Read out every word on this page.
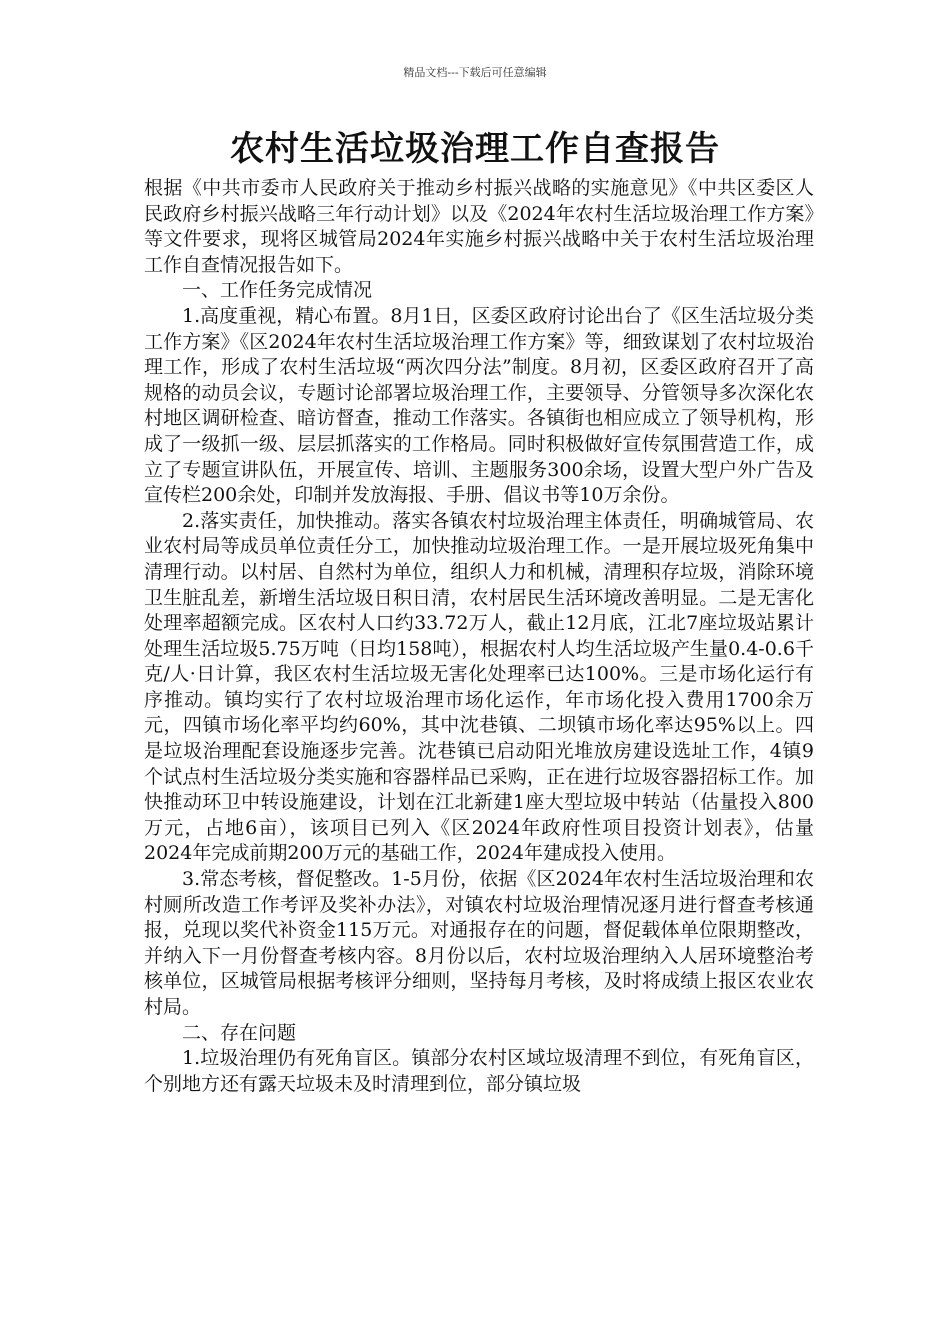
精品文档---下载后可任意编辑
农村生活垃圾治理工作自查报告

根据《中共市委市人民政府关于推动乡村振兴战略的实施意见》《中共区委区人民政府乡村振兴战略三年行动计划》以及《2024年农村生活垃圾治理工作方案》等文件要求，现将区城管局2024年实施乡村振兴战略中关于农村生活垃圾治理工作自查情况报告如下。

一、工作任务完成情况

1.高度重视，精心布置。8月1日，区委区政府讨论出台了《区生活垃圾分类工作方案》《区2024年农村生活垃圾治理工作方案》等，细致谋划了农村垃圾治理工作，形成了农村生活垃圾“两次四分法”制度。8月初，区委区政府召开了高规格的动员会议，专题讨论部署垃圾治理工作，主要领导、分管领导多次深化农村地区调研检查、暗访督查，推动工作落实。各镇街也相应成立了领导机构，形成了一级抓一级、层层抓落实的工作格局。同时积极做好宣传氛围营造工作，成立了专题宣讲队伍，开展宣传、培训、主题服务300余场，设置大型户外广告及宣传栏200余处，印制并发放海报、手册、倡议书等10万余份。

2.落实责任，加快推动。落实各镇农村垃圾治理主体责任，明确城管局、农业农村局等成员单位责任分工，加快推动垃圾治理工作。一是开展垃圾死角集中清理行动。以村居、自然村为单位，组织人力和机械，清理积存垃圾，消除环境卫生脏乱差，新增生活垃圾日积日清，农村居民生活环境改善明显。二是无害化处理率超额完成。区农村人口约33.72万人，截止12月底，江北7座垃圾站累计处理生活垃圾5.75万吨（日均158吨），根据农村人均生活垃圾产生量0.4-0.6千克/人·日计算，我区农村生活垃圾无害化处理率已达100%。三是市场化运行有序推动。镇均实行了农村垃圾治理市场化运作，年市场化投入费用1700余万元，四镇市场化率平均约60%，其中沈巷镇、二坝镇市场化率达95%以上。四是垃圾治理配套设施逐步完善。沈巷镇已启动阳光堆放房建设选址工作，4镇9个试点村生活垃圾分类实施和容器样品已采购，正在进行垃圾容器招标工作。加快推动环卫中转设施建设，计划在江北新建1座大型垃圾中转站（估量投入800万元，占地6亩），该项目已列入《区2024年政府性项目投资计划表》，估量2024年完成前期200万元的基础工作，2024年建成投入使用。

3.常态考核，督促整改。1-5月份，依据《区2024年农村生活垃圾治理和农村厕所改造工作考评及奖补办法》，对镇农村垃圾治理情况逐月进行督查考核通报，兑现以奖代补资金115万元。对通报存在的问题，督促载体单位限期整改，并纳入下一月份督查考核内容。8月份以后，农村垃圾治理纳入人居环境整治考核单位，区城管局根据考核评分细则，坚持每月考核，及时将成绩上报区农业农村局。

二、存在问题

1.垃圾治理仍有死角盲区。镇部分农村区域垃圾清理不到位，有死角盲区，个别地方还有露天垃圾未及时清理到位，部分镇垃圾
